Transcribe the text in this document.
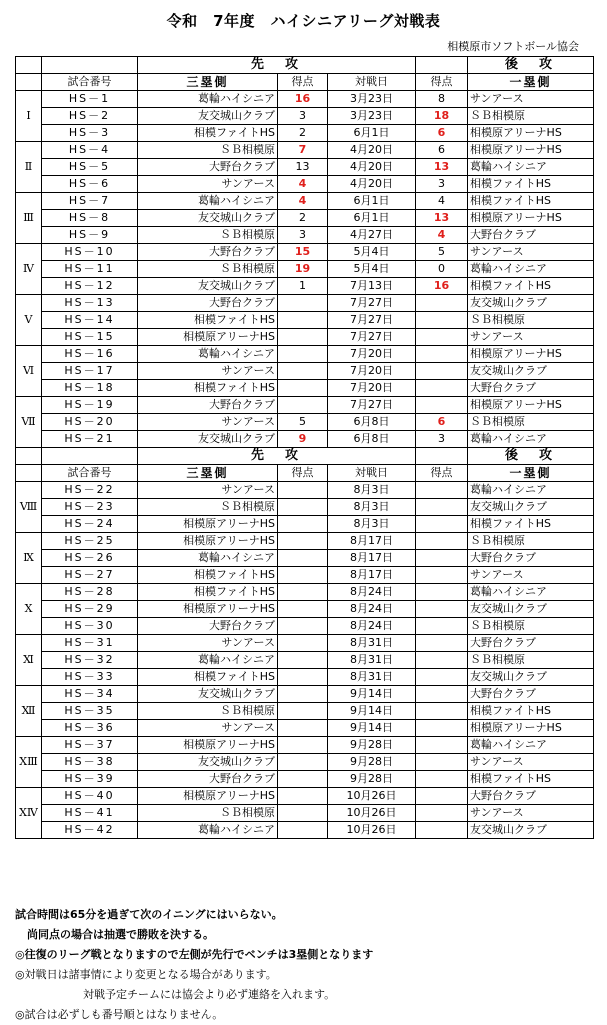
令和　7年度　ハイシニアリーグ対戦表
相模原市ソフトボール協会
		先　攻				後　攻
	試合番号	三塁側	得点	対戦日	得点	一塁側
Ⅰ	HS－1	葛輪ハイシニア	16	3月23日	8	サンアース
	HS－2	友交城山クラブ	3	3月23日	18	ＳＢ相模原
	HS－3	相模ファイトHS	2	6月1日	6	相模原アリーナHS
Ⅱ	HS－4	ＳＢ相模原	7	4月20日	6	相模原アリーナHS
	HS－5	大野台クラブ	13	4月20日	13	葛輪ハイシニア
	HS－6	サンアース	4	4月20日	3	相模ファイトHS
Ⅲ	HS－7	葛輪ハイシニア	4	6月1日	4	相模ファイトHS
	HS－8	友交城山クラブ	2	6月1日	13	相模原アリーナHS
	HS－9	ＳＢ相模原	3	4月27日	4	大野台クラブ
Ⅳ	HS－10	大野台クラブ	15	5月4日	5	サンアース
	HS－11	ＳＢ相模原	19	5月4日	0	葛輪ハイシニア
	HS－12	友交城山クラブ	1	7月13日	16	相模ファイトHS
Ⅴ	HS－13	大野台クラブ		7月27日		友交城山クラブ
	HS－14	相模ファイトHS		7月27日		ＳＢ相模原
	HS－15	相模原アリーナHS		7月27日		サンアース
Ⅵ	HS－16	葛輪ハイシニア		7月20日		相模原アリーナHS
	HS－17	サンアース		7月20日		友交城山クラブ
	HS－18	相模ファイトHS		7月20日		大野台クラブ
Ⅶ	HS－19	大野台クラブ		7月27日		相模原アリーナHS
	HS－20	サンアース	5	6月8日	6	ＳＢ相模原
	HS－21	友交城山クラブ	9	6月8日	3	葛輪ハイシニア
		先　攻				後　攻
	試合番号	三塁側	得点	対戦日	得点	一塁側
Ⅷ	HS－22	サンアース		8月3日		葛輪ハイシニア
	HS－23	ＳＢ相模原		8月3日		友交城山クラブ
	HS－24	相模原アリーナHS		8月3日		相模ファイトHS
Ⅸ	HS－25	相模原アリーナHS		8月17日		ＳＢ相模原
	HS－26	葛輪ハイシニア		8月17日		大野台クラブ
	HS－27	相模ファイトHS		8月17日		サンアース
Ⅹ	HS－28	相模ファイトHS		8月24日		葛輪ハイシニア
	HS－29	相模原アリーナHS		8月24日		友交城山クラブ
	HS－30	大野台クラブ		8月24日		ＳＢ相模原
Ⅺ	HS－31	サンアース		8月31日		大野台クラブ
	HS－32	葛輪ハイシニア		8月31日		ＳＢ相模原
	HS－33	相模ファイトHS		8月31日		友交城山クラブ
Ⅻ	HS－34	友交城山クラブ		9月14日		大野台クラブ
	HS－35	ＳＢ相模原		9月14日		相模ファイトHS
	HS－36	サンアース		9月14日		相模原アリーナHS
XⅢ	HS－37	相模原アリーナHS		9月28日		葛輪ハイシニア
	HS－38	友交城山クラブ		9月28日		サンアース
	HS－39	大野台クラブ		9月28日		相模ファイトHS
XⅣ	HS－40	相模原アリーナHS		10月26日		大野台クラブ
	HS－41	ＳＢ相模原		10月26日		サンアース
	HS－42	葛輪ハイシニア		10月26日		友交城山クラブ
試合時間は65分を過ぎて次のイニングにはいらない。
尚同点の場合は抽選で勝敗を決する。
◎往復のリーグ戦となりますので左側が先行でベンチは3塁側となります
◎対戦日は諸事情により変更となる場合があります。
対戦予定チームには協会より必ず連絡を入れます。
◎試合は必ずしも番号順とはなりません。
